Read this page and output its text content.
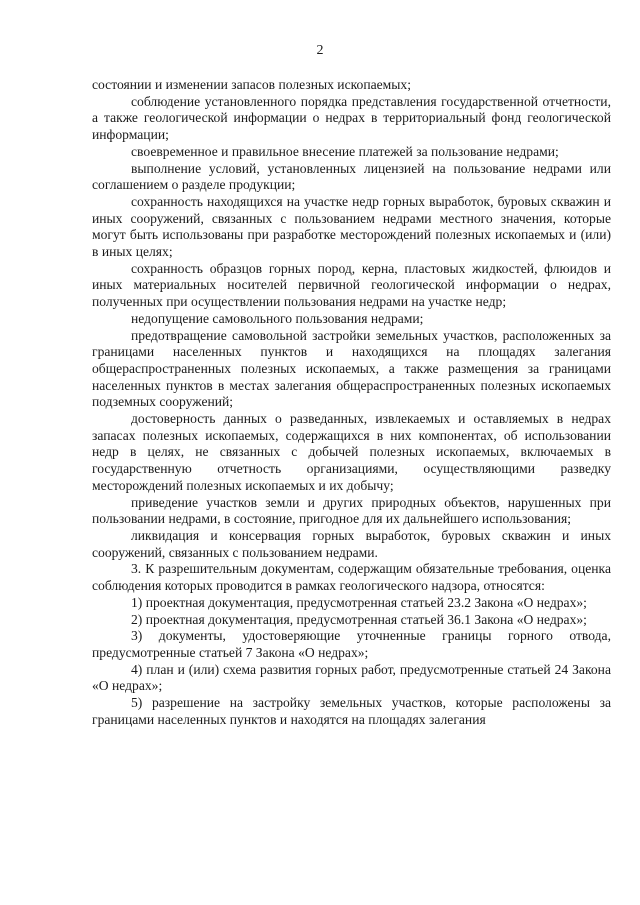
2

состоянии и изменении запасов полезных ископаемых;

соблюдение установленного порядка представления государственной отчетности, а также геологической информации о недрах в территориальный фонд геологической информации;

своевременное и правильное внесение платежей за пользование недрами;

выполнение условий, установленных лицензией на пользование недрами или соглашением о разделе продукции;

сохранность находящихся на участке недр горных выработок, буровых скважин и иных сооружений, связанных с пользованием недрами местного значения, которые могут быть использованы при разработке месторождений полезных ископаемых и (или) в иных целях;

сохранность образцов горных пород, керна, пластовых жидкостей, флюидов и иных материальных носителей первичной геологической информации о недрах, полученных при осуществлении пользования недрами на участке недр;

недопущение самовольного пользования недрами;

предотвращение самовольной застройки земельных участков, расположенных за границами населенных пунктов и находящихся на площадях залегания общераспространенных полезных ископаемых, а также размещения за границами населенных пунктов в местах залегания общераспространенных полезных ископаемых подземных сооружений;

достоверность данных о разведанных, извлекаемых и оставляемых в недрах запасах полезных ископаемых, содержащихся в них компонентах, об использовании недр в целях, не связанных с добычей полезных ископаемых, включаемых в государственную отчетность организациями, осуществляющими разведку месторождений полезных ископаемых и их добычу;

приведение участков земли и других природных объектов, нарушенных при пользовании недрами, в состояние, пригодное для их дальнейшего использования;

ликвидация и консервация горных выработок, буровых скважин и иных сооружений, связанных с пользованием недрами.

3. К разрешительным документам, содержащим обязательные требования, оценка соблюдения которых проводится в рамках геологического надзора, относятся:

1) проектная документация, предусмотренная статьей 23.2 Закона «О недрах»;

2) проектная документация, предусмотренная статьей 36.1 Закона «О недрах»;

3) документы, удостоверяющие уточненные границы горного отвода, предусмотренные статьей 7 Закона «О недрах»;

4) план и (или) схема развития горных работ, предусмотренные статьей 24 Закона «О недрах»;

5) разрешение на застройку земельных участков, которые расположены за границами населенных пунктов и находятся на площадях залегания
